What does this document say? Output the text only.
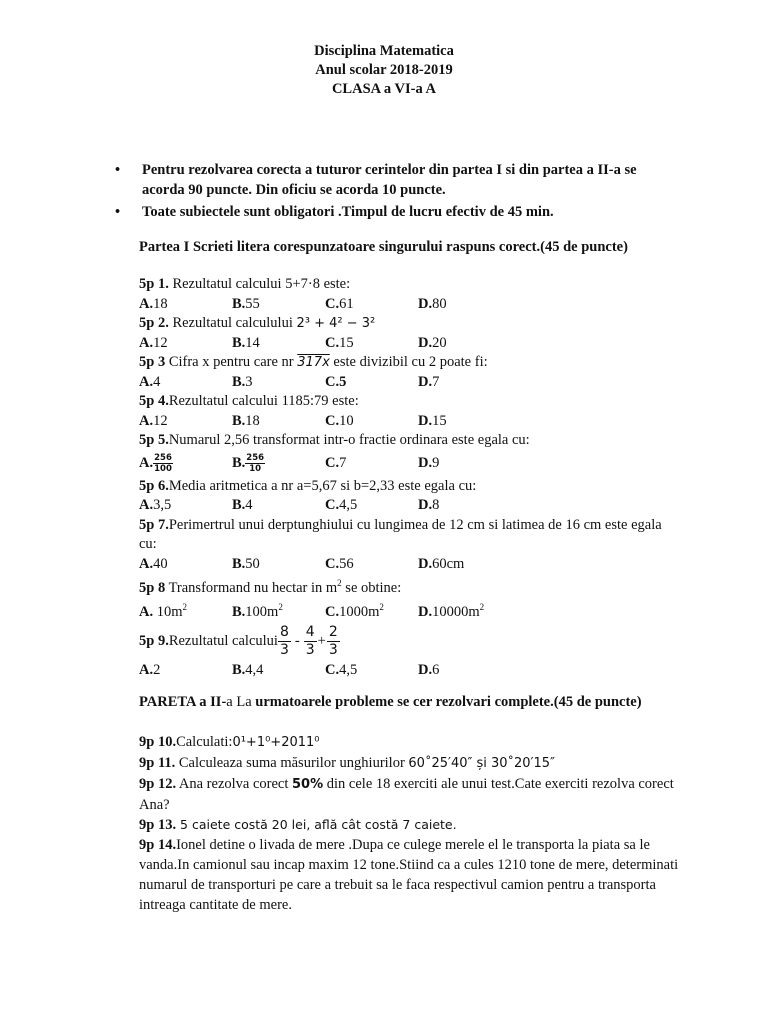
Disciplina Matematica
Anul scolar 2018-2019
CLASA a VI-a A
•	Pentru rezolvarea corecta a tuturor cerintelor din partea I si din partea a II-a se acorda 90 puncte. Din oficiu se acorda 10 puncte.
•	Toate subiectele sunt obligatori .Timpul de lucru efectiv de 45 min.
Partea I Scrieti litera corespunzatoare singurului raspuns corect.(45 de puncte)
5p 1. Rezultatul calcului 5+7·8 este:
A.18	B.55	C.61	D.80
5p 2. Rezultatul calculului 2³ + 4² − 3²
A.12	B.14	C.15	D.20
5p 3 Cifra x pentru care nr 317x este divizibil cu 2 poate fi:
A.4	B.3	C.5	D.7
5p 4.Rezultatul calcului 1185:79 este:
A.12	B.18	C.10	D.15
5p 5.Numarul 2,56 transformat intr-o fractie ordinara este egala cu:
A. $\frac{256}{100}$	B. $\frac{256}{10}$	C.7	D.9
5p 6.Media aritmetica a nr a=5,67 si b=2,33 este egala cu:
A.3,5	B.4	C.4,5	D.8
5p 7.Perimertrul unui derptunghiului cu lungimea de 12 cm si latimea de 16 cm este egala cu:
A.40	B.50	C.56	D.60cm
5p 8 Transformand nu hectar in $m^2$ se obtine:
A. $10m^2$	$B.100m^2$	$C.1000m^2$	$D.10000m^2$
5p 9. Rezultatul calcului $\frac{8}{3} - \frac{4}{3} + \frac{2}{3}$
A.2	B.4,4	C.4,5	D.6
PARETA a II-a La urmatoarele probleme se cer rezolvari complete.(45 de puncte)
9p 10.Calculati:0¹+1⁰+2011⁰
9p 11. Calculeaza suma măsurilor unghiurilor 60˚25′40″ și 30˚20′15″
9p 12. Ana rezolva corect 50% din cele 18 exerciti ale unui test.Cate exerciti rezolva corect Ana?
9p 13. 5 caiete costă 20 lei, află cât costă 7 caiete.
9p 14.Ionel detine o livada de mere .Dupa ce culege merele el le transporta la piata sa le vanda.In camionul sau incap maxim 12 tone.Stiind ca a cules 1210 tone de mere, determinati numarul de transporturi pe care a trebuit sa le faca respectivul camion pentru a transporta intreaga cantitate de mere.
